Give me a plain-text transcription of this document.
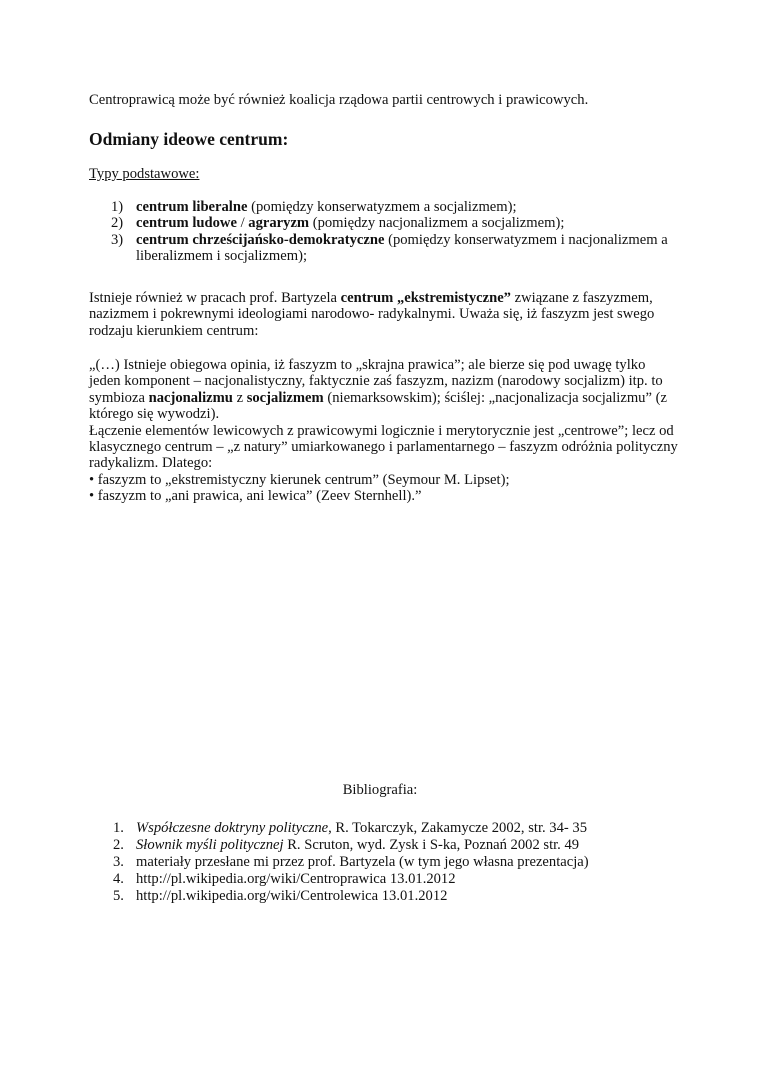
Centroprawicą może być również koalicja rządowa partii centrowych i prawicowych.

Odmiany ideowe centrum:

Typy podstawowe:

1) centrum liberalne (pomiędzy konserwatyzmem a socjalizmem);
2) centrum ludowe / agraryzm (pomiędzy nacjonalizmem a socjalizmem);
3) centrum chrześcijańsko-demokratyczne (pomiędzy konserwatyzmem i nacjonalizmem a liberalizmem i socjalizmem);

Istnieje również w pracach prof. Bartyzela centrum „ekstremistyczne” związane z faszyzmem, nazizmem i pokrewnymi ideologiami narodowo- radykalnymi. Uważa się, iż faszyzm jest swego rodzaju kierunkiem centrum:

„(…) Istnieje obiegowa opinia, iż faszyzm to „skrajna prawica”; ale bierze się pod uwagę tylko jeden komponent – nacjonalistyczny, faktycznie zaś faszyzm, nazizm (narodowy socjalizm) itp. to symbioza nacjonalizmu z socjalizmem (niemarksowskim); ściślej: „nacjonalizacja socjalizmu” (z którego się wywodzi).
Łączenie elementów lewicowych z prawicowymi logicznie i merytorycznie jest „centrowe”; lecz od klasycznego centrum – „z natury” umiarkowanego i parlamentarnego – faszyzm odróżnia polityczny radykalizm. Dlatego:
• faszyzm to „ekstremistyczny kierunek centrum” (Seymour M. Lipset);
• faszyzm to „ani prawica, ani lewica” (Zeev Sternhell).”

Bibliografia:

1. Współczesne doktryny polityczne, R. Tokarczyk, Zakamycze 2002, str. 34- 35
2. Słownik myśli politycznej R. Scruton, wyd. Zysk i S-ka, Poznań 2002 str. 49
3. materiały przesłane mi przez prof. Bartyzela (w tym jego własna prezentacja)
4. http://pl.wikipedia.org/wiki/Centroprawica 13.01.2012
5. http://pl.wikipedia.org/wiki/Centrolewica 13.01.2012
